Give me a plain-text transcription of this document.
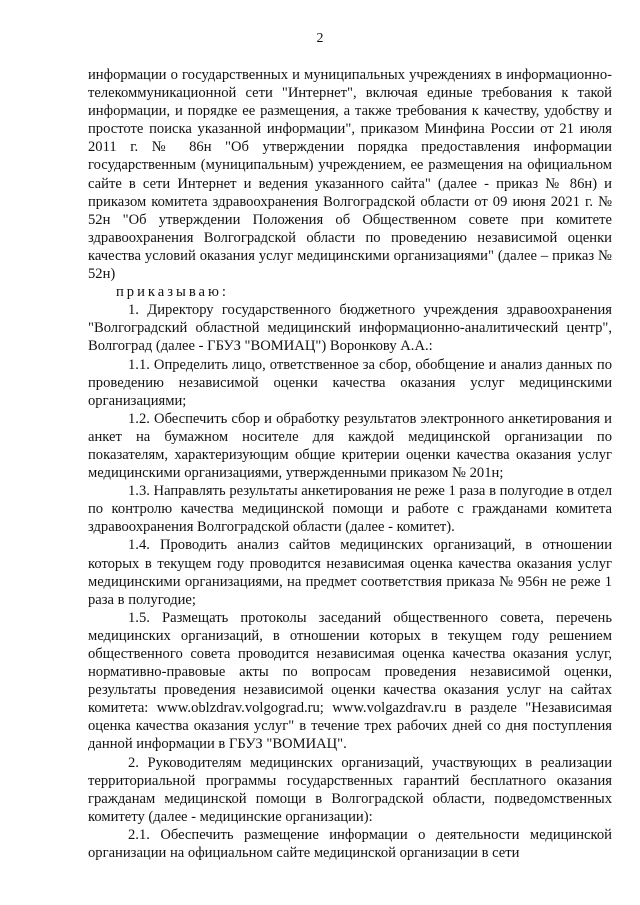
2

информации о государственных и муниципальных учреждениях в информационно-телекоммуникационной сети "Интернет", включая единые требования к такой информации, и порядке ее размещения, а также требования к качеству, удобству и простоте поиска указанной информации", приказом Минфина России от 21 июля 2011 г. № 86н "Об утверждении порядка предоставления информации государственным (муниципальным) учреждением, ее размещения на официальном сайте в сети Интернет и ведения указанного сайта" (далее - приказ № 86н) и приказом комитета здравоохранения Волгоградской области от 09 июня 2021 г. № 52н "Об утверждении Положения об Общественном совете при комитете здравоохранения Волгоградской области по проведению независимой оценки качества условий оказания услуг медицинскими организациями" (далее – приказ № 52н)

приказываю:

1. Директору государственного бюджетного учреждения здравоохранения "Волгоградский областной медицинский информационно-аналитический центр", Волгоград (далее - ГБУЗ "ВОМИАЦ") Воронкову А.А.:

1.1. Определить лицо, ответственное за сбор, обобщение и анализ данных по проведению независимой оценки качества оказания услуг медицинскими организациями;

1.2. Обеспечить сбор и обработку результатов электронного анкетирования и анкет на бумажном носителе для каждой медицинской организации по показателям, характеризующим общие критерии оценки качества оказания услуг медицинскими организациями, утвержденными приказом № 201н;

1.3. Направлять результаты анкетирования не реже 1 раза в полугодие в отдел по контролю качества медицинской помощи и работе с гражданами комитета здравоохранения Волгоградской области (далее - комитет).

1.4. Проводить анализ сайтов медицинских организаций, в отношении которых в текущем году проводится независимая оценка качества оказания услуг медицинскими организациями, на предмет соответствия приказа № 956н не реже 1 раза в полугодие;

1.5. Размещать протоколы заседаний общественного совета, перечень медицинских организаций, в отношении которых в текущем году решением общественного совета проводится независимая оценка качества оказания услуг, нормативно-правовые акты по вопросам проведения независимой оценки, результаты проведения независимой оценки качества оказания услуг на сайтах комитета: www.oblzdrav.volgograd.ru; www.volgazdrav.ru в разделе "Независимая оценка качества оказания услуг" в течение трех рабочих дней со дня поступления данной информации в ГБУЗ "ВОМИАЦ".

2. Руководителям медицинских организаций, участвующих в реализации территориальной программы государственных гарантий бесплатного оказания гражданам медицинской помощи в Волгоградской области, подведомственных комитету (далее - медицинские организации):

2.1. Обеспечить размещение информации о деятельности медицинской организации на официальном сайте медицинской организации в сети
